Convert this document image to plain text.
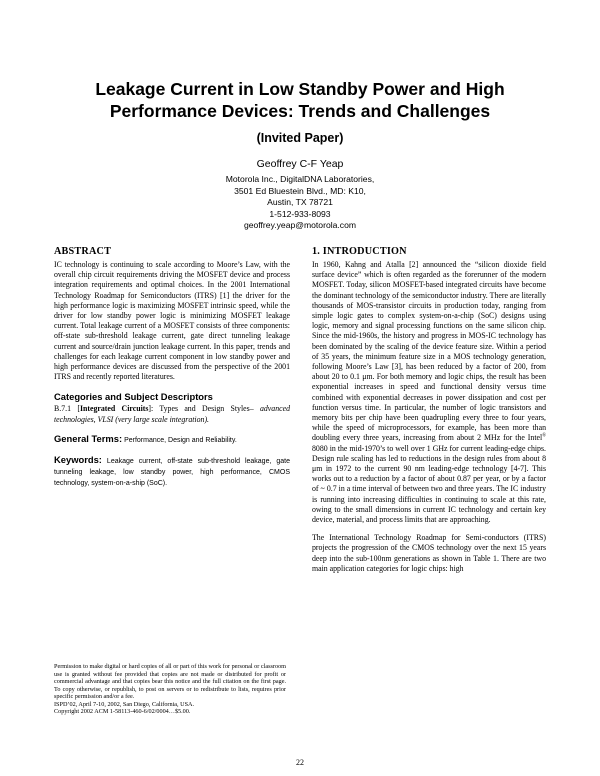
Leakage Current in Low Standby Power and High Performance Devices: Trends and Challenges
(Invited Paper)
Geoffrey C-F Yeap
Motorola Inc., DigitalDNA Laboratories,
3501 Ed Bluestein Blvd., MD: K10,
Austin, TX 78721
1-512-933-8093
geoffrey.yeap@motorola.com
ABSTRACT

IC technology is continuing to scale according to Moore’s Law, with the overall chip circuit requirements driving the MOSFET device and process integration requirements and optimal choices. In the 2001 International Technology Roadmap for Semiconductors (ITRS) [1] the driver for the high performance logic is maximizing MOSFET intrinsic speed, while the driver for low standby power logic is minimizing MOSFET leakage current. Total leakage current of a MOSFET consists of three components: off-state sub-threshold leakage current, gate direct tunneling leakage current and source/drain junction leakage current. In this paper, trends and challenges for each leakage current component in low standby power and high performance devices are discussed from the perspective of the 2001 ITRS and recently reported literatures.

Categories and Subject Descriptors

B.7.1 [Integrated Circuits]: Types and Design Styles– advanced technologies, VLSI (very large scale integration).

General Terms: Performance, Design and Reliability.

Keywords: Leakage current, off-state sub-threshold leakage, gate tunneling leakage, low standby power, high performance, CMOS technology, system-on-a-ship (SoC).

Permission to make digital or hard copies of all or part of this work for personal or classroom use is granted without fee provided that copies are not made or distributed for profit or commercial advantage and that copies bear this notice and the full citation on the first page. To copy otherwise, or republish, to post on servers or to redistribute to lists, requires prior specific permission and/or a fee.

ISPD’02, April 7-10, 2002, San Diego, California, USA.

Copyright 2002 ACM 1-58113-460-6/02/0004…$5.00.

1. INTRODUCTION

In 1960, Kahng and Atalla [2] announced the “silicon dioxide field surface device” which is often regarded as the forerunner of the modern MOSFET. Today, silicon MOSFET-based integrated circuits have become the dominant technology of the semiconductor industry. There are literally thousands of MOS-transistor circuits in production today, ranging from simple logic gates to complex system-on-a-chip (SoC) designs using logic, memory and signal processing functions on the same silicon chip. Since the mid-1960s, the history and progress in MOS-IC technology has been dominated by the scaling of the device feature size. Within a period of 35 years, the minimum feature size in a MOS technology generation, following Moore’s Law [3], has been reduced by a factor of 200, from about 20 to 0.1 μm. For both memory and logic chips, the result has been exponential increases in speed and functional density versus time combined with exponential decreases in power dissipation and cost per function versus time. In particular, the number of logic transistors and memory bits per chip have been quadrupling every three to four years, while the speed of microprocessors, for example, has been more than doubling every three years, increasing from about 2 MHz for the Intel® 8080 in the mid-1970’s to well over 1 GHz for current leading-edge chips. Design rule scaling has led to reductions in the design rules from about 8 μm in 1972 to the current 90 nm leading-edge technology [4-7]. This works out to a reduction by a factor of about 0.87 per year, or by a factor of ~ 0.7 in a time interval of between two and three years. The IC industry is running into increasing difficulties in continuing to scale at this rate, owing to the small dimensions in current IC technology and certain key device, material, and process limits that are approaching.

The International Technology Roadmap for Semi-conductors (ITRS) projects the progression of the CMOS technology over the next 15 years deep into the sub-100nm generations as shown in Table 1. There are two main application categories for logic chips: high

22
